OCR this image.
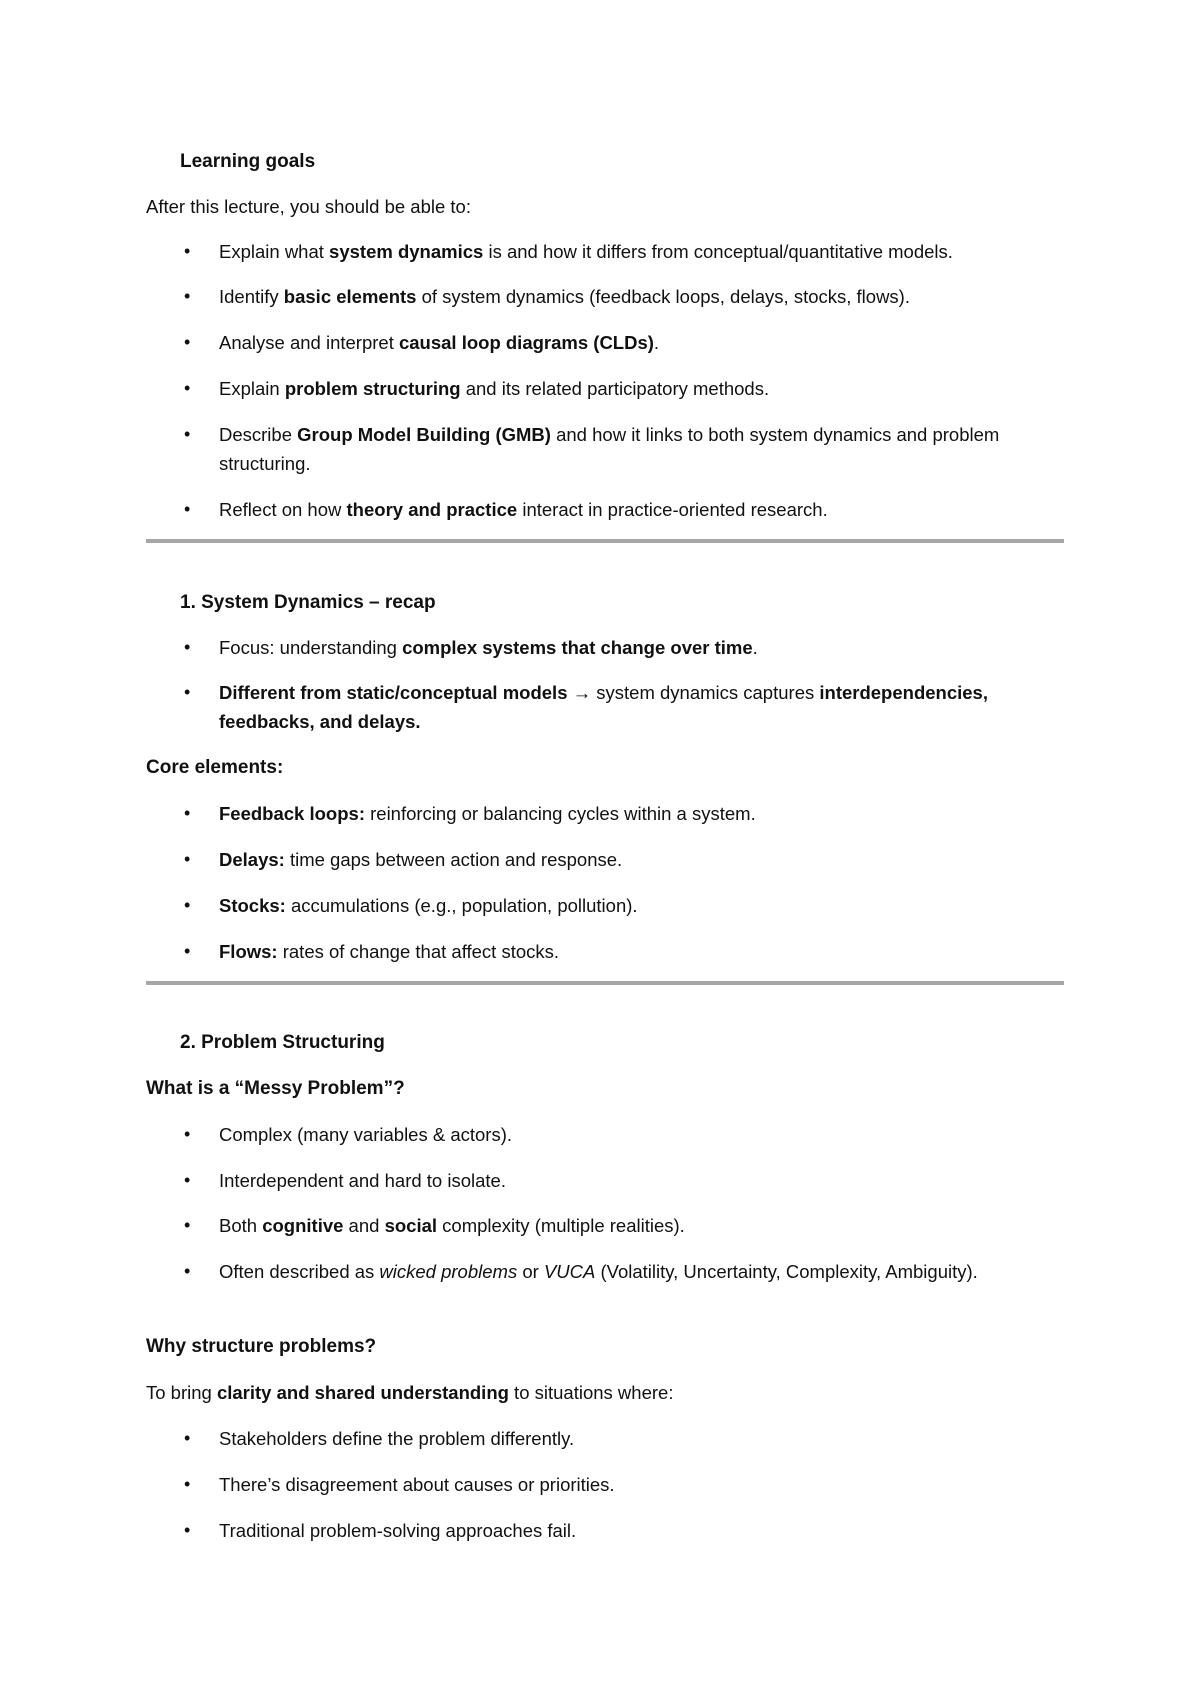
Learning goals
After this lecture, you should be able to:
• Explain what system dynamics is and how it differs from conceptual/quantitative models.
• Identify basic elements of system dynamics (feedback loops, delays, stocks, flows).
• Analyse and interpret causal loop diagrams (CLDs).
• Explain problem structuring and its related participatory methods.
• Describe Group Model Building (GMB) and how it links to both system dynamics and problem structuring.
• Reflect on how theory and practice interact in practice-oriented research.
1. System Dynamics – recap
• Focus: understanding complex systems that change over time.
• Different from static/conceptual models → system dynamics captures interdependencies, feedbacks, and delays.
Core elements:
• Feedback loops: reinforcing or balancing cycles within a system.
• Delays: time gaps between action and response.
• Stocks: accumulations (e.g., population, pollution).
• Flows: rates of change that affect stocks.
2. Problem Structuring
What is a “Messy Problem”?
• Complex (many variables & actors).
• Interdependent and hard to isolate.
• Both cognitive and social complexity (multiple realities).
• Often described as wicked problems or VUCA (Volatility, Uncertainty, Complexity, Ambiguity).
Why structure problems?
To bring clarity and shared understanding to situations where:
• Stakeholders define the problem differently.
• There’s disagreement about causes or priorities.
• Traditional problem-solving approaches fail.
